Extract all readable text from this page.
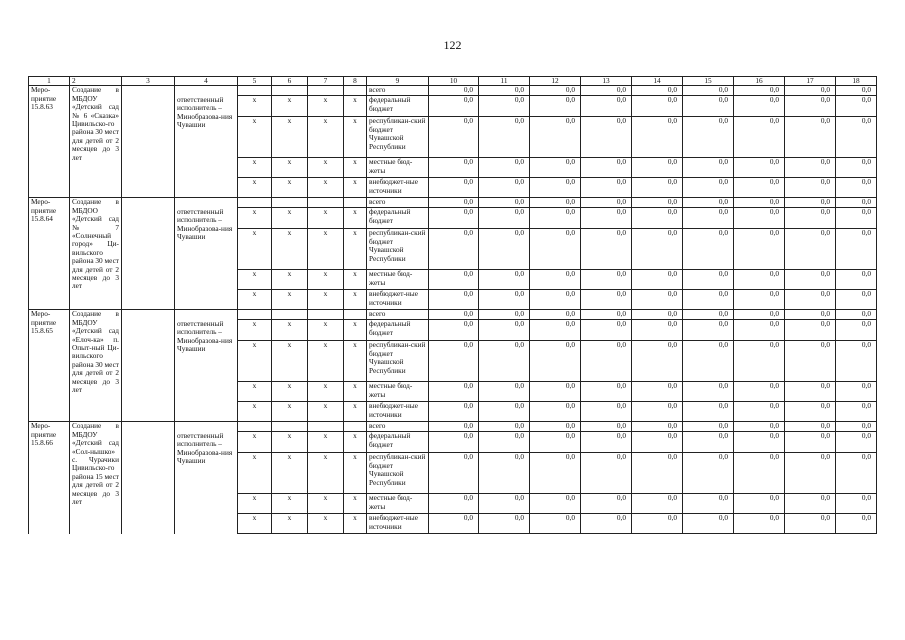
122
1	2	3	4	5	6	7	8	9	10	11	12	13	14	15	16	17	18
Меро-приятие 15.8.63	Создание в МБДОУ «Детский сад № 6 «Сказка» Цивильско-го района 30 мест для детей от 2 месяцев до 3 лет							всего	0,0	0,0	0,0	0,0	0,0	0,0	0,0	0,0	0,0
			ответственный исполнитель – Минобразова-ния Чувашии	х	х	х	х	федеральный бюджет	0,0	0,0	0,0	0,0	0,0	0,0	0,0	0,0	0,0
				х	х	х	х	республикан-ский бюджет Чувашской Республики	0,0	0,0	0,0	0,0	0,0	0,0	0,0	0,0	0,0
				х	х	х	х	местные бюд-жеты	0,0	0,0	0,0	0,0	0,0	0,0	0,0	0,0	0,0
				х	х	х	х	внебюджет-ные источники	0,0	0,0	0,0	0,0	0,0	0,0	0,0	0,0	0,0
Меро-приятие 15.8.64	Создание в МБДОО «Детский сад № 7 «Солнечный город» Ци-вильского района 30 мест для детей от 2 месяцев до 3 лет							всего	0,0	0,0	0,0	0,0	0,0	0,0	0,0	0,0	0,0
			ответственный исполнитель – Минобразова-ния Чувашии	х	х	х	х	федеральный бюджет	0,0	0,0	0,0	0,0	0,0	0,0	0,0	0,0	0,0
				х	х	х	х	республикан-ский бюджет Чувашской Республики	0,0	0,0	0,0	0,0	0,0	0,0	0,0	0,0	0,0
				х	х	х	х	местные бюд-жеты	0,0	0,0	0,0	0,0	0,0	0,0	0,0	0,0	0,0
				х	х	х	х	внебюджет-ные источники	0,0	0,0	0,0	0,0	0,0	0,0	0,0	0,0	0,0
Меро-приятие 15.8.65	Создание в МБДОУ «Детский сад «Елоч-ка» п. Опыт-ный Ци-вильского района 30 мест для детей от 2 месяцев до 3 лет							всего	0,0	0,0	0,0	0,0	0,0	0,0	0,0	0,0	0,0
			ответственный исполнитель – Минобразова-ния Чувашии	х	х	х	х	федеральный бюджет	0,0	0,0	0,0	0,0	0,0	0,0	0,0	0,0	0,0
				х	х	х	х	республикан-ский бюджет Чувашской Республики	0,0	0,0	0,0	0,0	0,0	0,0	0,0	0,0	0,0
				х	х	х	х	местные бюд-жеты	0,0	0,0	0,0	0,0	0,0	0,0	0,0	0,0	0,0
				х	х	х	х	внебюджет-ные источники	0,0	0,0	0,0	0,0	0,0	0,0	0,0	0,0	0,0
Меро-приятие 15.8.66	Создание в МБДОУ «Детский сад «Сол-нышко» с. Чурачики Цивильско-го района 15 мест для детей от 2 месяцев до 3 лет							всего	0,0	0,0	0,0	0,0	0,0	0,0	0,0	0,0	0,0
			ответственный исполнитель – Минобразова-ния Чувашии	х	х	х	х	федеральный бюджет	0,0	0,0	0,0	0,0	0,0	0,0	0,0	0,0	0,0
				х	х	х	х	республикан-ский бюджет Чувашской Республики	0,0	0,0	0,0	0,0	0,0	0,0	0,0	0,0	0,0
				х	х	х	х	местные бюд-жеты	0,0	0,0	0,0	0,0	0,0	0,0	0,0	0,0	0,0
				х	х	х	х	внебюджет-ные источники	0,0	0,0	0,0	0,0	0,0	0,0	0,0	0,0	0,0
